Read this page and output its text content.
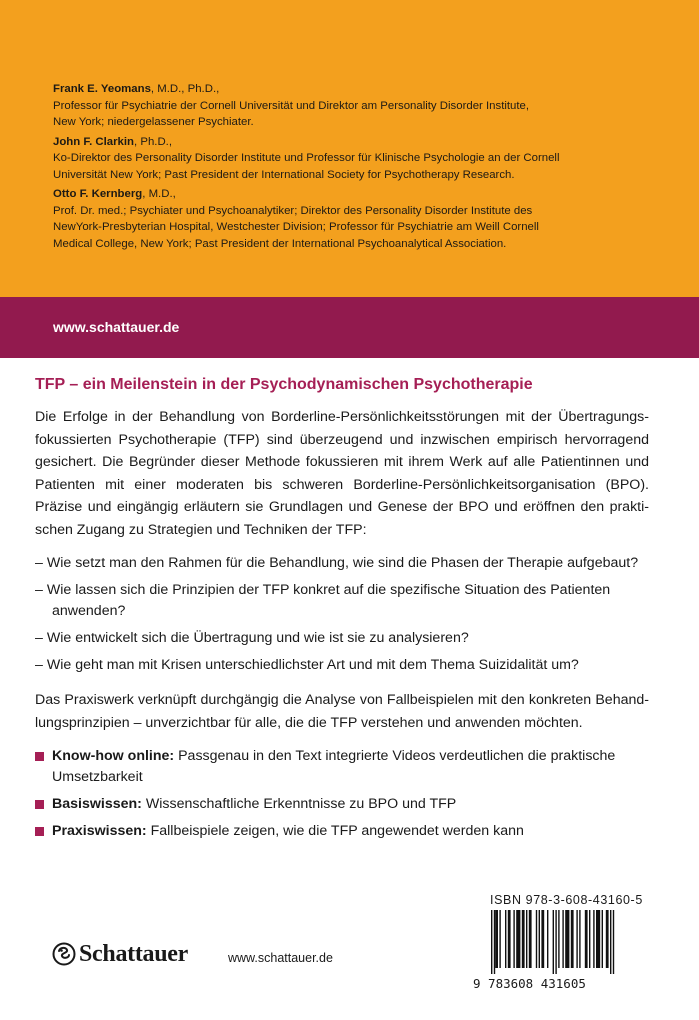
Frank E. Yeomans, M.D., Ph.D.,

Professor für Psychiatrie der Cornell Universität und Direktor am Personality Disorder Institute,

New York; niedergelassener Psychiater.

John F. Clarkin, Ph.D.,

Ko-Direktor des Personality Disorder Institute und Professor für Klinische Psychologie an der Cornell

Universität New York; Past President der International Society for Psychotherapy Research.

Otto F. Kernberg, M.D.,

Prof. Dr. med.; Psychiater und Psychoanalytiker; Direktor des Personality Disorder Institute des

NewYork-Presbyterian Hospital, Westchester Division; Professor für Psychiatrie am Weill Cornell

Medical College, New York; Past President der International Psychoanalytical Association.

www.schattauer.de
TFP – ein Meilenstein in der Psychodynamischen Psychotherapie

Die Erfolge in der Behandlung von Borderline-Persönlichkeitsstörungen mit der Übertragungsfokussierten Psychotherapie (TFP) sind überzeugend und inzwischen empirisch hervorragend gesichert. Die Begründer dieser Methode fokussieren mit ihrem Werk auf alle Patientinnen und Patienten mit einer moderaten bis schweren Borderline-Persönlichkeitsorganisation (BPO). Präzise und eingängig erläutern sie Grundlagen und Genese der BPO und eröffnen den praktischen Zugang zu Strategien und Techniken der TFP:

– Wie setzt man den Rahmen für die Behandlung, wie sind die Phasen der Therapie aufgebaut?
– Wie lassen sich die Prinzipien der TFP konkret auf die spezifische Situation des Patienten anwenden?
– Wie entwickelt sich die Übertragung und wie ist sie zu analysieren?
– Wie geht man mit Krisen unterschiedlichster Art und mit dem Thema Suizidalität um?

Das Praxiswerk verknüpft durchgängig die Analyse von Fallbeispielen mit den konkreten Behandlungsprinzipien – unverzichtbar für alle, die die TFP verstehen und anwenden möchten.

Know-how online: Passgenau in den Text integrierte Videos verdeutlichen die praktische Umsetzbarkeit
Basiswissen: Wissenschaftliche Erkenntnisse zu BPO und TFP
Praxiswissen: Fallbeispiele zeigen, wie die TFP angewendet werden kann
Schattauer	www.schattauer.de
ISBN 978-3-608-43160-5
9 783608 431605
